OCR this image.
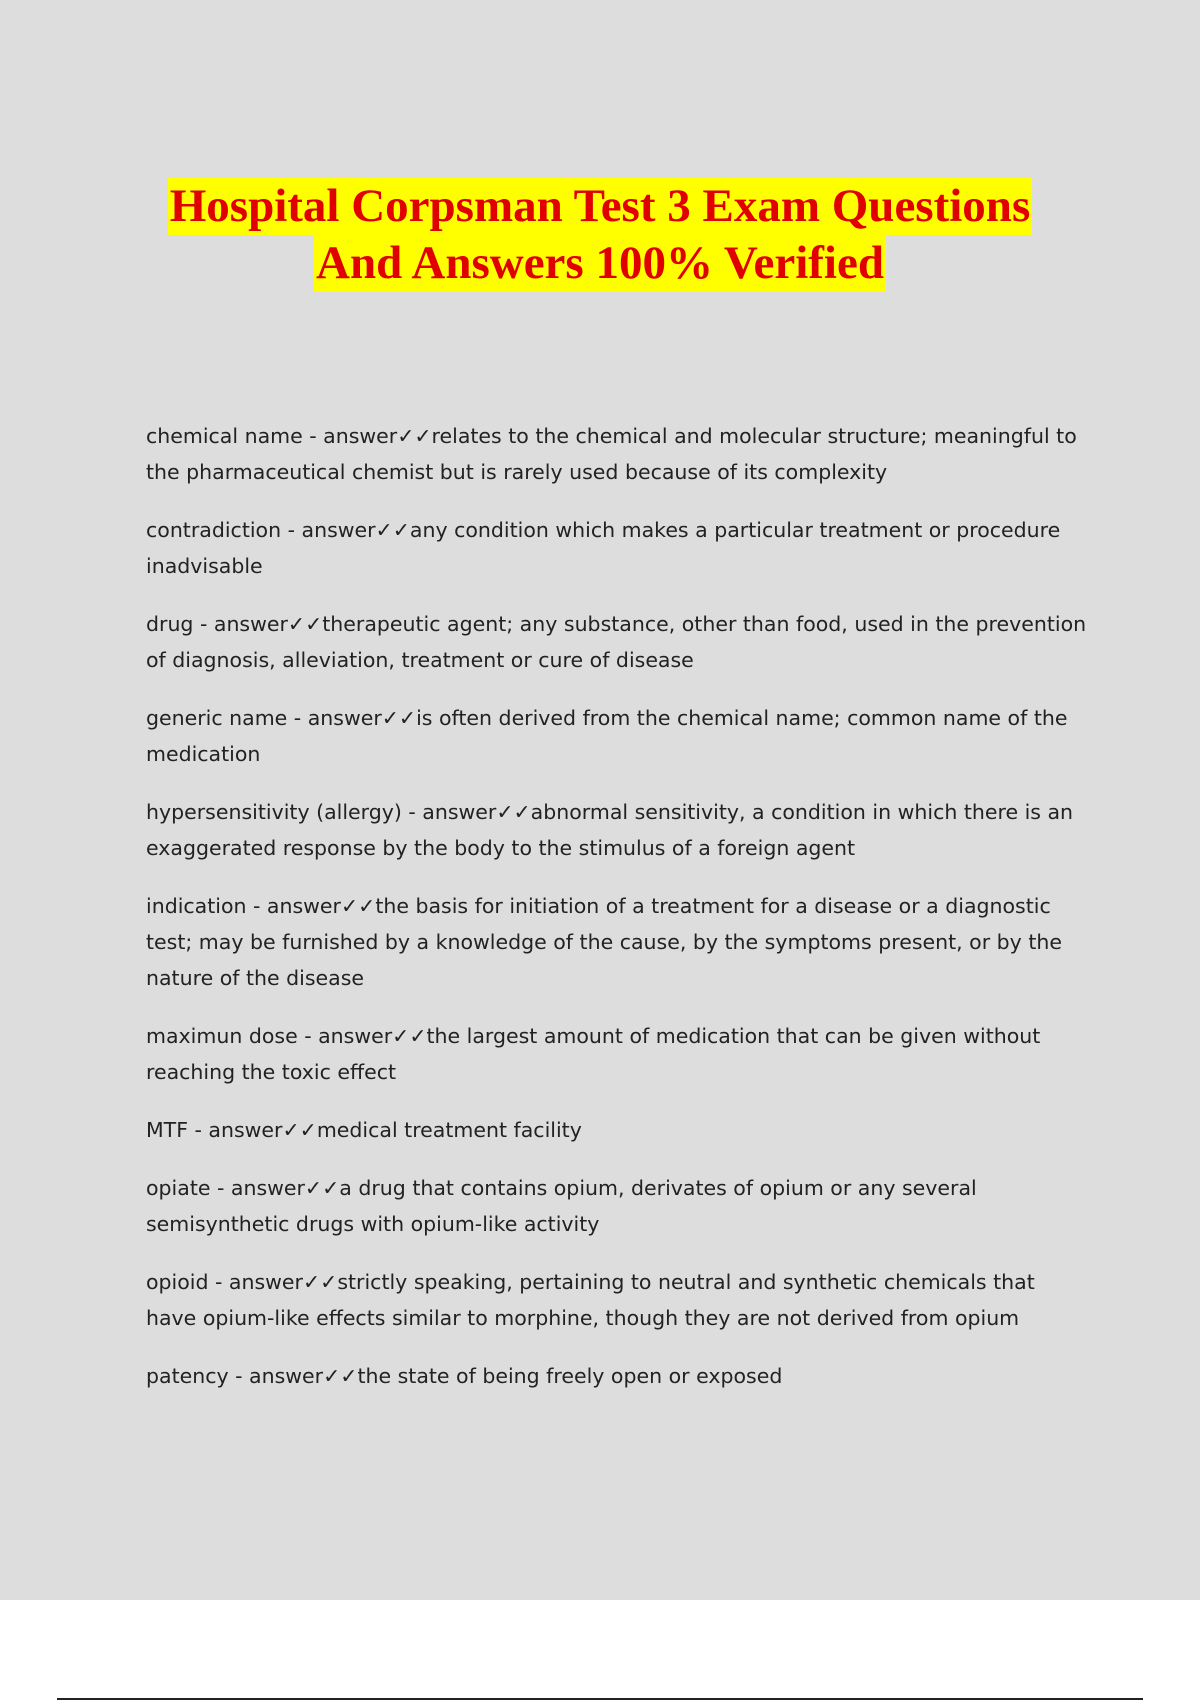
Hospital Corpsman Test 3 Exam Questions
And Answers 100% Verified

chemical name - answer✓✓relates to the chemical and molecular structure; meaningful to the pharmaceutical chemist but is rarely used because of its complexity

contradiction - answer✓✓any condition which makes a particular treatment or procedure inadvisable

drug - answer✓✓therapeutic agent; any substance, other than food, used in the prevention of diagnosis, alleviation, treatment or cure of disease

generic name - answer✓✓is often derived from the chemical name; common name of the medication

hypersensitivity (allergy) - answer✓✓abnormal sensitivity, a condition in which there is an exaggerated response by the body to the stimulus of a foreign agent

indication - answer✓✓the basis for initiation of a treatment for a disease or a diagnostic test; may be furnished by a knowledge of the cause, by the symptoms present, or by the nature of the disease

maximun dose - answer✓✓the largest amount of medication that can be given without reaching the toxic effect

MTF - answer✓✓medical treatment facility

opiate - answer✓✓a drug that contains opium, derivates of opium or any several semisynthetic drugs with opium-like activity

opioid - answer✓✓strictly speaking, pertaining to neutral and synthetic chemicals that have opium-like effects similar to morphine, though they are not derived from opium

patency - answer✓✓the state of being freely open or exposed
